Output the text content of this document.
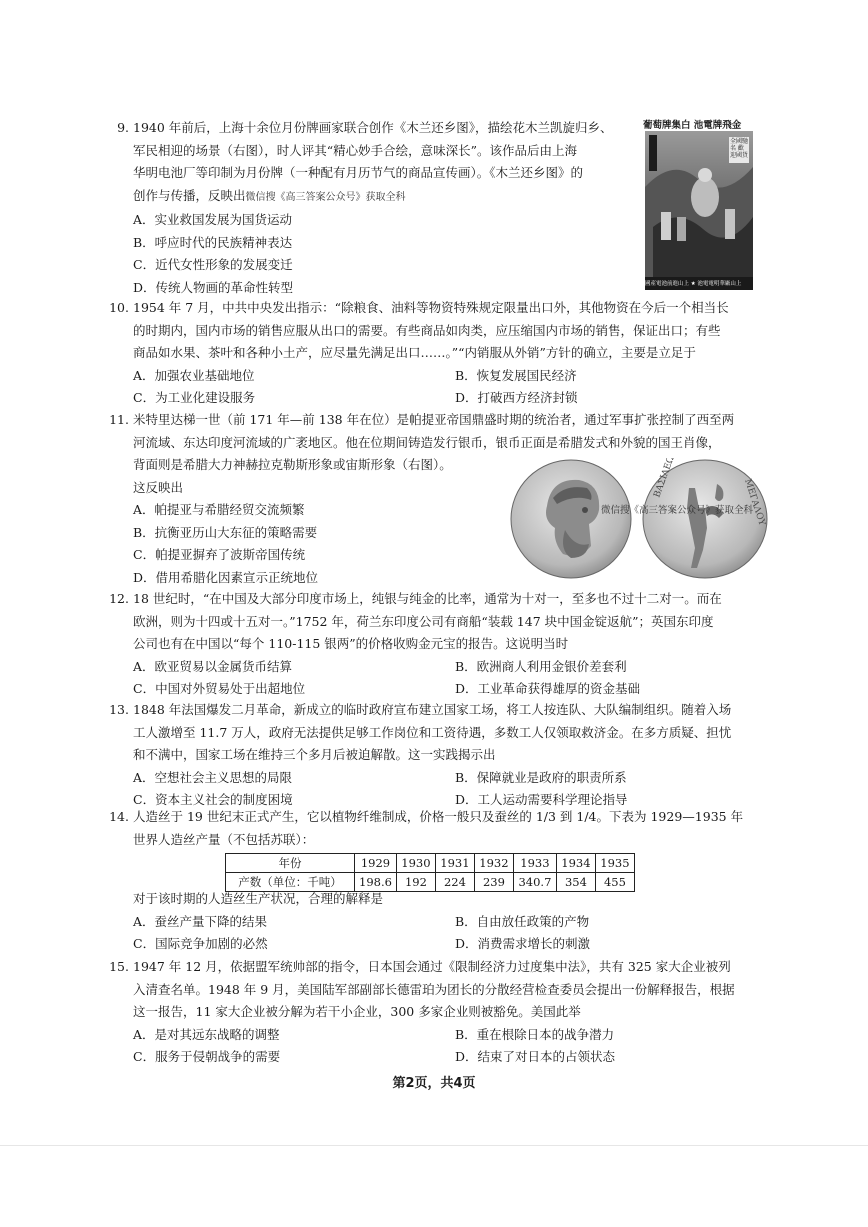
9. 1940 年前后，上海十余位月份牌画家联合创作《木兰还乡图》，描绘花木兰凯旋归乡、
军民相迎的场景（右图），时人评其“精心妙手合绘，意味深长”。该作品后由上海
华明电池厂等印制为月份牌（一种配有月历节气的商品宣传画）。《木兰还乡图》的
创作与传播，反映出微信搜《高三答案公众号》获取全科
A．实业救国发展为国货运动
B．呼应时代的民族精神表达
C．近代女性形象的发展变迁
D．传统人物画的革命性转型
葡萄牌集白 池電牌飛金
全國馳名 歡迎國貨
國產電池前進山上 ★ 池電電明華廠山上
10. 1954 年 7 月，中共中央发出指示：“除粮食、油料等物资特殊规定限量出口外，其他物资在今后一个相当长
的时期内，国内市场的销售应服从出口的需要。有些商品如肉类，应压缩国内市场的销售，保证出口；有些
商品如水果、茶叶和各种小土产，应尽量先满足出口……。”“内销服从外销”方针的确立，主要是立足于
A．加强农业基础地位	B．恢复发展国民经济
C．为工业化建设服务	D．打破西方经济封锁
11. 米特里达梯一世（前 171 年—前 138 年在位）是帕提亚帝国鼎盛时期的统治者，通过军事扩张控制了西至两
河流域、东达印度河流域的广袤地区。他在位期间铸造发行银币，银币正面是希腊发式和外貌的国王肖像，
背面则是希腊大力神赫拉克勒斯形象或宙斯形象（右图）。
这反映出
A．帕提亚与希腊经贸交流频繁
B．抗衡亚历山大东征的策略需要
C．帕提亚摒弃了波斯帝国传统
D．借用希腊化因素宣示正统地位
ΒΑΣΙΛΕΩΣ
ΜΕΓΑΛΟΥ
微信搜《高三答案公众号》获取全科
12. 18 世纪时，“在中国及大部分印度市场上，纯银与纯金的比率，通常为十对一，至多也不过十二对一。而在
欧洲，则为十四或十五对一。”1752 年，荷兰东印度公司有商船“装载 147 块中国金锭返航”；英国东印度
公司也有在中国以“每个 110-115 银两”的价格收购金元宝的报告。这说明当时
A．欧亚贸易以金属货币结算	B．欧洲商人利用金银价差套利
C．中国对外贸易处于出超地位	D．工业革命获得雄厚的资金基础
13. 1848 年法国爆发二月革命，新成立的临时政府宣布建立国家工场，将工人按连队、大队编制组织。随着入场
工人激增至 11.7 万人，政府无法提供足够工作岗位和工资待遇，多数工人仅领取救济金。在多方质疑、担忧
和不满中，国家工场在维持三个多月后被迫解散。这一实践揭示出
A．空想社会主义思想的局限	B．保障就业是政府的职责所系
C．资本主义社会的制度困境	D．工人运动需要科学理论指导
14. 人造丝于 19 世纪末正式产生，它以植物纤维制成，价格一般只及蚕丝的 1/3 到 1/4。下表为 1929—1935 年
世界人造丝产量（不包括苏联）：
年份	1929	1930	1931	1932	1933	1934	1935
产数（单位：千吨）	198.6	192	224	239	340.7	354	455
对于该时期的人造丝生产状况，合理的解释是
A．蚕丝产量下降的结果	B．自由放任政策的产物
C．国际竞争加剧的必然	D．消费需求增长的刺激
15. 1947 年 12 月，依据盟军统帅部的指令，日本国会通过《限制经济力过度集中法》，共有 325 家大企业被列
入清查名单。1948 年 9 月，美国陆军部副部长德雷珀为团长的分散经营检查委员会提出一份解释报告，根据
这一报告，11 家大企业被分解为若干小企业，300 多家企业则被豁免。美国此举
A．是对其远东战略的调整	B．重在根除日本的战争潜力
C．服务于侵朝战争的需要	D．结束了对日本的占领状态
第2页，共4页
